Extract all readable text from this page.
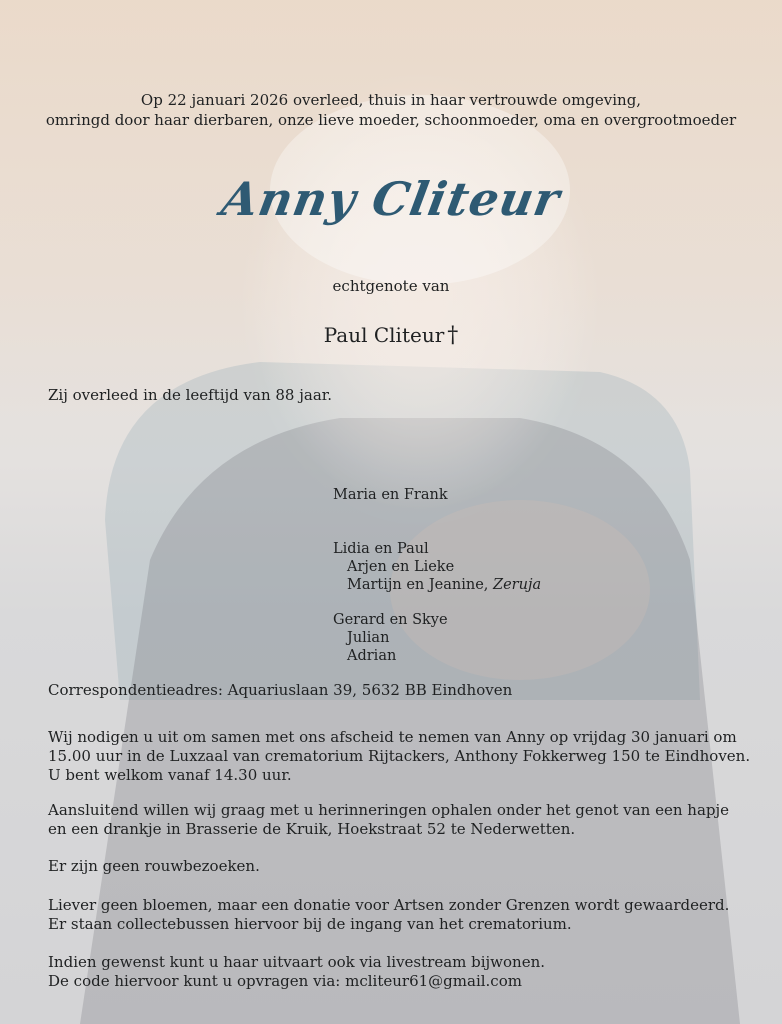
Op 22 januari 2026 overleed, thuis in haar vertrouwde omgeving,
omringd door haar dierbaren, onze lieve moeder, schoonmoeder, oma en overgrootmoeder
Anny Cliteur
echtgenote van
Paul Cliteur †
Zij overleed in de leeftijd van 88 jaar.
Maria en Frank
Lidia en Paul
Arjen en Lieke
Martijn en Jeanine, Zeruja
Gerard en Skye
Julian
Adrian
Correspondentieadres: Aquariuslaan 39, 5632 BB Eindhoven
Wij nodigen u uit om samen met ons afscheid te nemen van Anny op vrijdag 30 januari om
15.00 uur in de Luxzaal van crematorium Rijtackers, Anthony Fokkerweg 150 te Eindhoven.
U bent welkom vanaf 14.30 uur.
Aansluitend willen wij graag met u herinneringen ophalen onder het genot van een hapje
en een drankje in Brasserie de Kruik, Hoekstraat 52 te Nederwetten.
Er zijn geen rouwbezoeken.
Liever geen bloemen, maar een donatie voor Artsen zonder Grenzen wordt gewaardeerd.
Er staan collectebussen hiervoor bij de ingang van het crematorium.
Indien gewenst kunt u haar uitvaart ook via livestream bijwonen.
De code hiervoor kunt u opvragen via: mcliteur61@gmail.com
